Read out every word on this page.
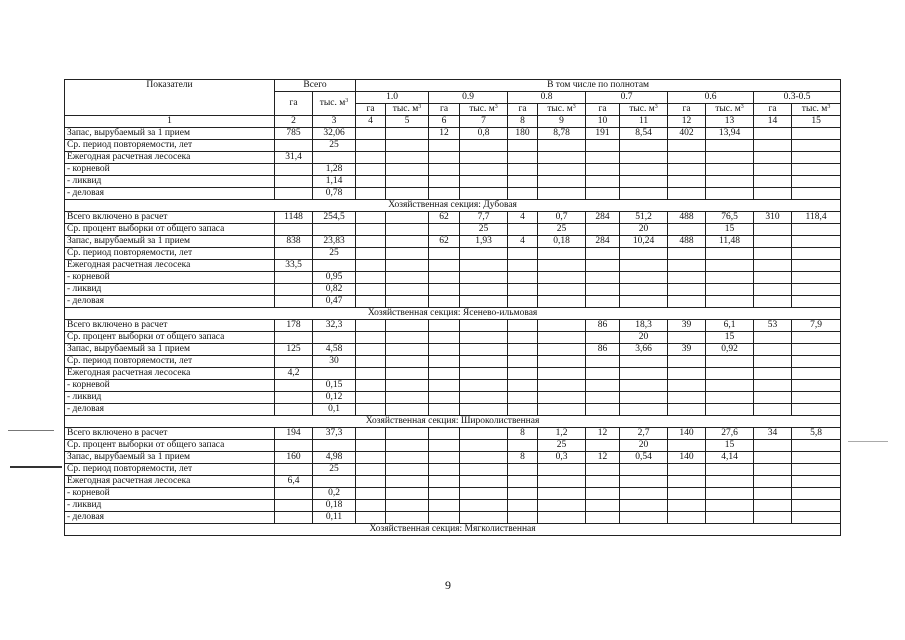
Показатели	Всего		В том числе по полнотам											
	га	тыс. $м^3$	1.0		0.9		0.8		0.7		0.6		0.3-0.5	
			га	тыс. $м^3$	га	тыс. $м^3$	га	тыс. $м^3$	га	тыс. $м^3$	га	тыс. $м^3$	га	тыс. $м^3$
1	2	3	4	5	6	7	8	9	10	11	12	13	14	15
Запас, вырубаемый за 1 прием	785	32,06			12	0,8	180	8,78	191	8,54	402	13,94		
Ср. период повторяемости, лет		25												
Ежегодная расчетная лесосека	31,4													
- корневой		1,28												
- ликвид		1,14												
- деловая		0,78												
Хозяйственная секция: Дубовая														
Всего включено в расчет	1148	254,5			62	7,7	4	0,7	284	51,2	488	76,5	310	118,4
Ср. процент выборки от общего запаса						25		25		20		15		
Запас, вырубаемый за 1 прием	838	23,83			62	1,93	4	0,18	284	10,24	488	11,48		
Ср. период повторяемости, лет		25												
Ежегодная расчетная лесосека	33,5													
- корневой		0,95												
- ликвид		0,82												
- деловая		0,47												
Хозяйственная секция: Ясенево-ильмовая														
Всего включено в расчет	178	32,3							86	18,3	39	6,1	53	7,9
Ср. процент выборки от общего запаса										20		15		
Запас, вырубаемый за 1 прием	125	4,58							86	3,66	39	0,92		
Ср. период повторяемости, лет		30												
Ежегодная расчетная лесосека	4,2													
- корневой		0,15												
- ликвид		0,12												
- деловая		0,1												
Хозяйственная секция: Широколиственная														
Всего включено в расчет	194	37,3					8	1,2	12	2,7	140	27,6	34	5,8
Ср. процент выборки от общего запаса								25		20		15		
Запас, вырубаемый за 1 прием	160	4,98					8	0,3	12	0,54	140	4,14		
Ср. период повторяемости, лет		25												
Ежегодная расчетная лесосека	6,4													
- корневой		0,2												
- ликвид		0,18												
- деловая		0,11												
Хозяйственная секция: Мягколиственная														
9
